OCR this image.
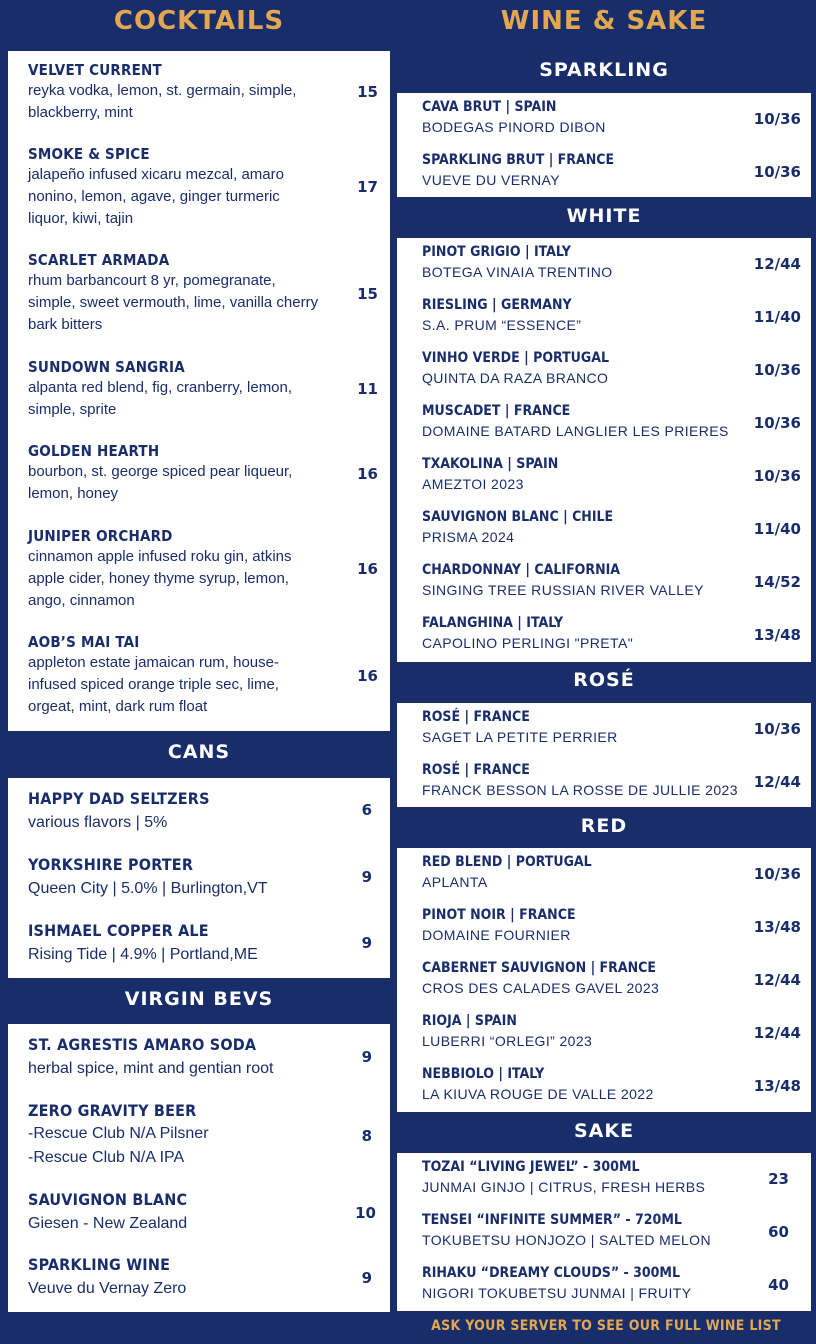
COCKTAILS
VELVET CURRENT
reyka vodka, lemon, st. germain, simple, blackberry, mint
15
SMOKE & SPICE
jalapeño infused xicaru mezcal, amaro nonino, lemon, agave, ginger turmeric liquor, kiwi, tajin
17
SCARLET ARMADA
rhum barbancourt 8 yr, pomegranate, simple, sweet vermouth, lime, vanilla cherry bark bitters
15
SUNDOWN SANGRIA
alpanta red blend, fig, cranberry, lemon, simple, sprite
11
GOLDEN HEARTH
bourbon, st. george spiced pear liqueur, lemon, honey
16
JUNIPER ORCHARD
cinnamon apple infused roku gin, atkins apple cider, honey thyme syrup, lemon, ango, cinnamon
16
AOB’S MAI TAI
appleton estate jamaican rum, house-infused spiced orange triple sec, lime, orgeat, mint, dark rum float
16
CANS
HAPPY DAD SELTZERS
various flavors | 5%
6
YORKSHIRE PORTER
Queen City | 5.0% | Burlington,VT
9
ISHMAEL COPPER ALE
Rising Tide | 4.9% | Portland,ME
9
VIRGIN BEVS
ST. AGRESTIS AMARO SODA
herbal spice, mint and gentian root
9
ZERO GRAVITY BEER
-Rescue Club N/A Pilsner
-Rescue Club N/A IPA
8
SAUVIGNON BLANC
Giesen - New Zealand
10
SPARKLING WINE
Veuve du Vernay Zero
9
WINE & SAKE
SPARKLING
CAVA BRUT | SPAIN
BODEGAS PINORD DIBON	10/36
SPARKLING BRUT | FRANCE
VUEVE DU VERNAY	10/36
WHITE
PINOT GRIGIO | ITALY
BOTEGA VINAIA TRENTINO	12/44
RIESLING | GERMANY
S.A. PRUM “ESSENCE”	11/40
VINHO VERDE | PORTUGAL
QUINTA DA RAZA BRANCO	10/36
MUSCADET | FRANCE
DOMAINE BATARD LANGLIER LES PRIERES	10/36
TXAKOLINA | SPAIN
AMEZTOI 2023	10/36
SAUVIGNON BLANC | CHILE
PRISMA 2024	11/40
CHARDONNAY | CALIFORNIA
SINGING TREE RUSSIAN RIVER VALLEY	14/52
FALANGHINA | ITALY
CAPOLINO PERLINGI "PRETA"	13/48
ROSÉ
ROSÉ | FRANCE
SAGET LA PETITE PERRIER	10/36
ROSÉ | FRANCE
FRANCK BESSON LA ROSSE DE JULLIE 2023	12/44
RED
RED BLEND | PORTUGAL
APLANTA	10/36
PINOT NOIR | FRANCE
DOMAINE FOURNIER	13/48
CABERNET SAUVIGNON | FRANCE
CROS DES CALADES GAVEL 2023	12/44
RIOJA | SPAIN
LUBERRI “ORLEGI” 2023	12/44
NEBBIOLO | ITALY
LA KIUVA ROUGE DE VALLE 2022	13/48
SAKE
TOZAI “LIVING JEWEL” - 300ML
JUNMAI GINJO | CITRUS, FRESH HERBS	23
TENSEI “INFINITE SUMMER” - 720ML
TOKUBETSU HONJOZO | SALTED MELON	60
RIHAKU “DREAMY CLOUDS” - 300ML
NIGORI TOKUBETSU JUNMAI | FRUITY	40
ASK YOUR SERVER TO SEE OUR FULL WINE LIST
